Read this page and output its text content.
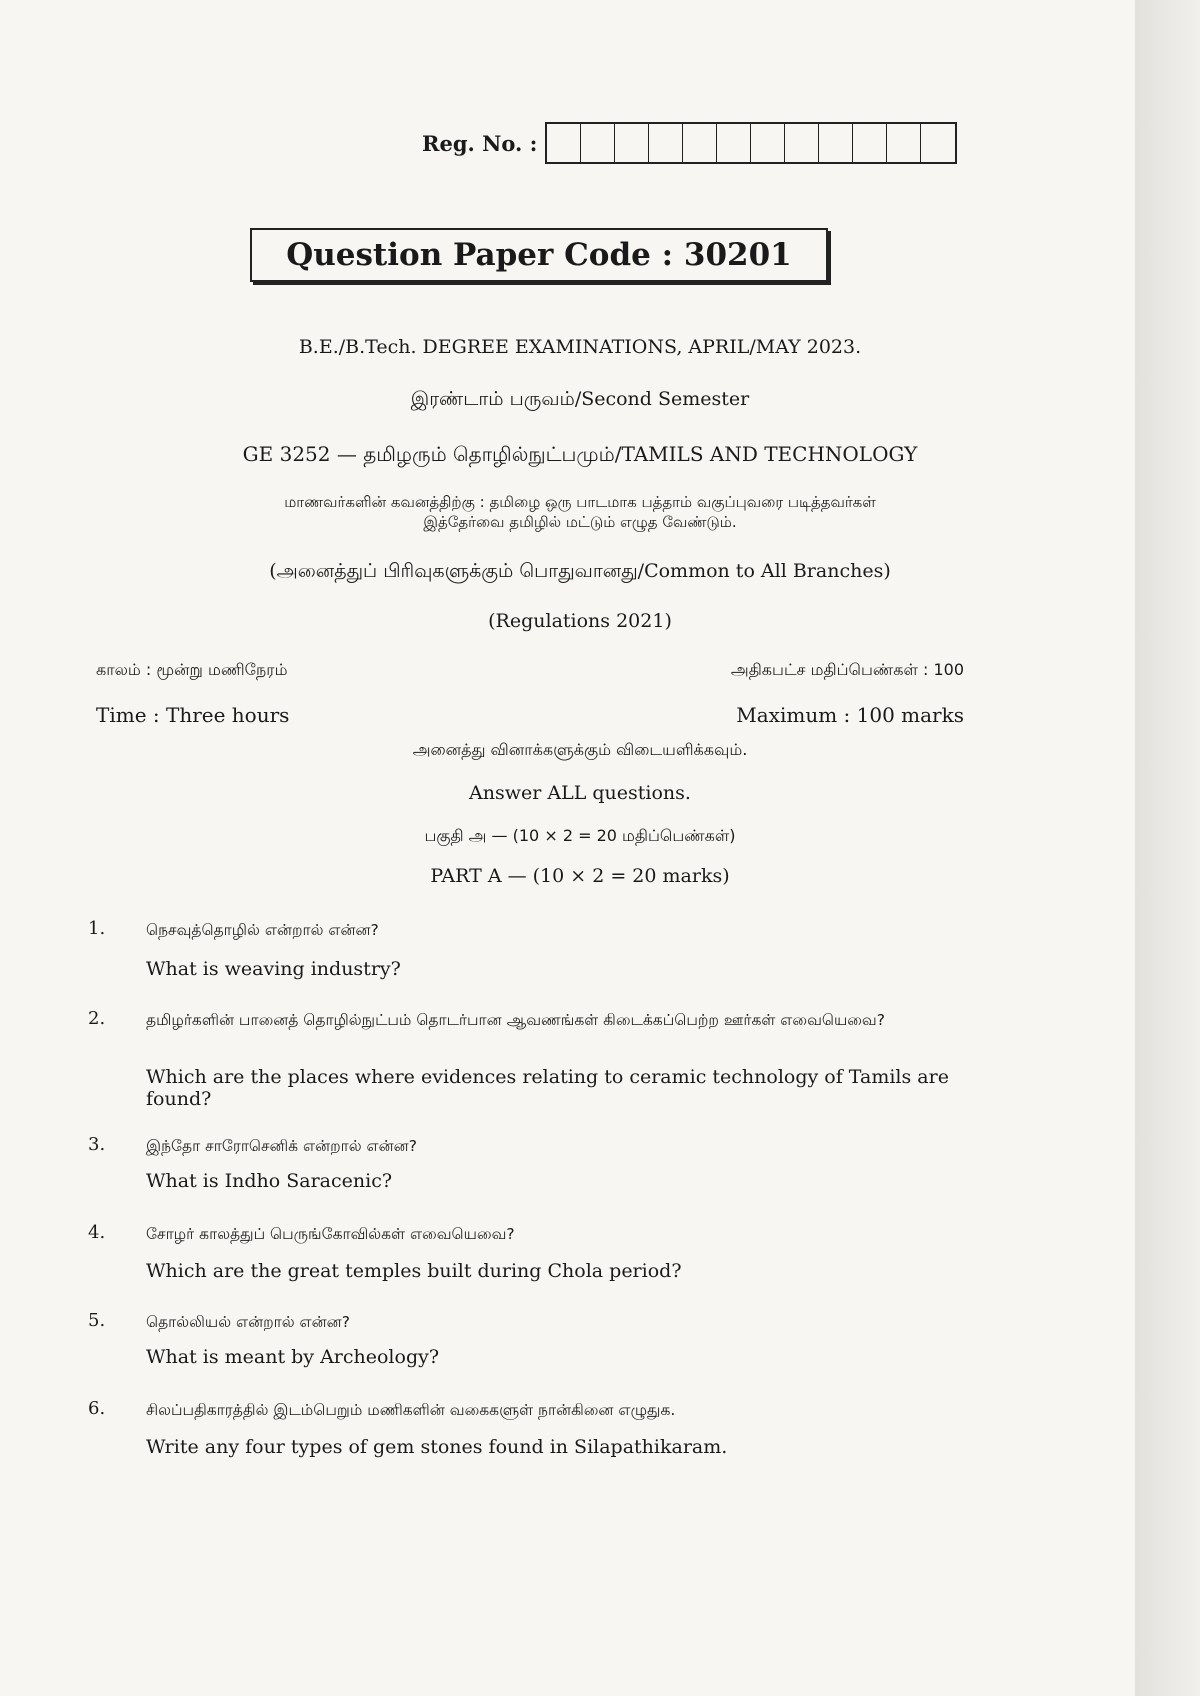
Reg. No. :
Question Paper Code : 30201
B.E./B.Tech. DEGREE EXAMINATIONS, APRIL/MAY 2023.
இரண்டாம் பருவம்/Second Semester
GE 3252 — தமிழரும் தொழில்நுட்பமும்/TAMILS AND TECHNOLOGY
மாணவர்களின் கவனத்திற்கு : தமிழை ஒரு பாடமாக பத்தாம் வகுப்புவரை படித்தவர்கள்
இத்தேர்வை தமிழில் மட்டும் எழுத வேண்டும்.
(அனைத்துப் பிரிவுகளுக்கும் பொதுவானது/Common to All Branches)
(Regulations 2021)
காலம் : மூன்று மணிநேரம்	அதிகபட்ச மதிப்பெண்கள் : 100
Time : Three hours	Maximum : 100 marks
அனைத்து வினாக்களுக்கும் விடையளிக்கவும்.
Answer ALL questions.
பகுதி அ — (10 × 2 = 20 மதிப்பெண்கள்)
PART A — (10 × 2 = 20 marks)
1.	நெசவுத்தொழில் என்றால் என்ன?
What is weaving industry?
2.	தமிழர்களின் பானைத் தொழில்நுட்பம் தொடர்பான ஆவணங்கள் கிடைக்கப்பெற்ற ஊர்கள் எவையெவை?
Which are the places where evidences relating to ceramic technology of Tamils are found?
3.	இந்தோ சாரோசெனிக் என்றால் என்ன?
What is Indho Saracenic?
4.	சோழர் காலத்துப் பெருங்கோவில்கள் எவையெவை?
Which are the great temples built during Chola period?
5.	தொல்லியல் என்றால் என்ன?
What is meant by Archeology?
6.	சிலப்பதிகாரத்தில் இடம்பெறும் மணிகளின் வகைகளுள் நான்கினை எழுதுக.
Write any four types of gem stones found in Silapathikaram.
